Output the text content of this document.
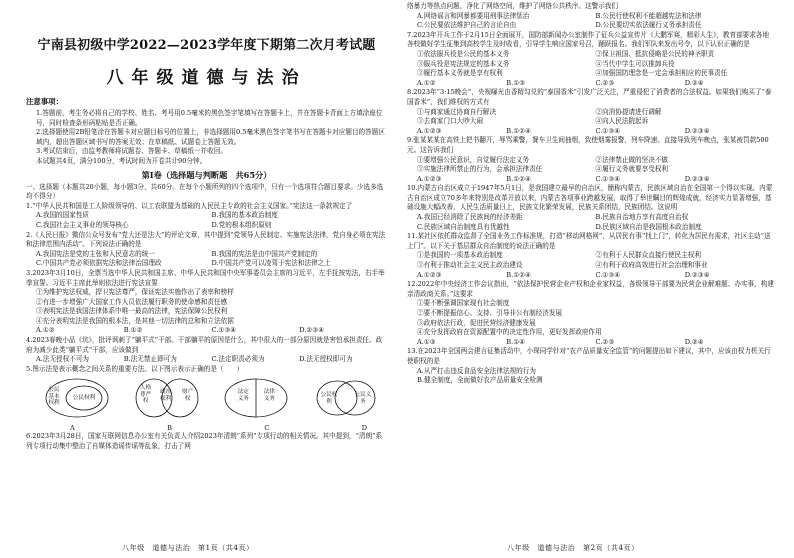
宁南县初级中学2022—2023学年度下期第二次月考试题
八年级道德与法治
注意事项：

1.答题前，考生务必将自己的学校、姓名、考号用0.5毫米的黑色签字笔填写在答题卡上，并在答题卡背面上方填涂座位号，同时检查条形码粘贴是否正确。

2.选择题使用2B铅笔涂在答题卡对应题目标号的位置上，非选择题用0.5毫米黑色签字笔书写在答题卡对应题目的答题区域内，超出答题区域书写的答案无效；在草稿纸、试题卷上答题无效。

3.考试结束后，由监考教师将试题卷、答题卡、草稿纸一并收回。

本试题共4页，满分100分，考试时间为开卷共计90分钟。

第Ⅰ卷（选择题与判断题　共65分）

一、选择题（本题共20小题，每小题3分，共60分。在每个小题所列的四个选项中，只有一个选项符合题目要求。少选多选均不得分）

1.“中华人民共和国是工人阶级领导的、以工农联盟为基础的人民民主专政的社会主义国家。”宪法这一条款规定了

A.我国的国家性质	B.我国的基本政治制度
C.我国社会主义事业的领导核心	D.党的根本组织原则

2.《人民日报》微信公众号发布“党大还是法大”的评论文章，其中提到“党领导人民制定、实施宪法法律，党自身必须在宪法和法律范围内活动”。下列说法正确的是

A.我国宪法是党的主张和人民意志的统一	B.我国的宪法是由中国共产党制定的
C.中国共产党必须依据宪法和法律治国理政	D.中国共产党可以凌驾于宪法和法律之上

3.2023年3月10日，全票当选中华人民共和国主席、中华人民共和国中央军事委员会主席的习近平，左手抚按宪法，右手举拳宣誓。习近平主席此举则依法进行宪法宣誓

①为维护宪法权威，捍卫宪法尊严，保证宪法实施作出了表率和榜样
②有进一步增强广大国家工作人员依法履行职务的使命感和责任感
③表明宪法是我国法律体系中唯一最高的法律，宪法保障公民权利
④充分表明宪法是我国的根本法，是其他一切法律的总和和立法依据
A.①②	B.①②	C.①③④	D.②③④

4.2023春晚小品《坑》，批评讽刺了“躺平式”干部。干部躺平的原因是什么，其中很大的一部分原因就是害怕承担责任。政府为减少此类“躺平式”干部，应该做到

A.法无授权不可为	B.法无禁止即可为	C.法定职责必须为	D.法无授权即可为

5.图示法是表示概念之间关系的重要方法。以下图示表示正确的是（　　）

公民基本权利
公民权利
人格尊严权
政治权利
财产权
法定义务
法律义务
公民权利
公民义务
A	B	C	D

6.2023年3月28日，国家互联网信息办公室有关负责人介绍2023年清朗“系列”专项行动的相关情况。其中提到，“清朗”系列专项行动集中整治了自媒体造谣传谣等乱象，打击了网

八年级　道德与法治　第1页（共4页）

络暴力等热点问题，净化了网络空间，维护了网络公共秩序。这警示我们

A.网络谣言和网暴都要用刑事法律惩治	B.公民行使权利不能超越宪法和法律
C.公民要依法维护自己的言论自由	D.公民要切实依法履行义务承担责任

7.2023年开兵工作于2月15日全面展开，国防部新闻办公室制作了征兵公益宣传片《大鹏军赛，精彩人生》，教育部要求各地各校做好学生征集到高校学生及时收看，引导学生响应国家号召，踊跃报名。我们军队来发出号令，以下认识正确的是

①依法服兵役是公民的基本义务	②保卫祖国、抵抗侵略是公民的神圣职责
③服兵役是宪法规定的基本义务	④当代中学生可以推卸兵役
③履行基本义务就是享有权利	④加强国防理念是一定会承担相应的民事责任
A.①②	B.①③	C.②③	D.②④

8.2023年“3·15晚会”，央视曝光由香精勾兑的“泰国香米”引发广泛关注，严重侵犯了消费者的合法权益。如果我们购买了“泰国香米”，我们维权的方式有

①与商家通过协商自行解决	②向消协提请进行调解
③去商家门口大吵大闹	④向人民法院起诉
A.①②③	B.①②④	C.①③④	D.②③④

9.张某某某在高铁上把书翻开，辱骂乘警，餐车卫生间抽烟，致使烟雾报警，列车降速。直接导致列车晚点，张某被罚款500元。这告诉我们

①要增强公民意识，自觉履行法定义务	②法律禁止做的坚决不做
③实施法律所禁止的行为，会承担法律责任	④履行义务就要享受权利
A.①②③	B.①②④	C.①③④	D.②③④

10.内蒙古自治区成立于1947年5月1日，是我国建立最早的自治区，簡称内蒙古，民族区域自治在全国第一个得以实现。内蒙古自治区成立70多年来特别是改革开放以来，内蒙古各项事业跨越发展，取得了举世瞩目的辉煌成就，经济实力显著增强，基础设施大幅改善，人民生活质量日上，民族文化繁荣发展，民族关系团结，民族团结。这说明

A.我国已经消除了民族间的经济差距	B.民族自治地方享有高度自治权
C.民族区域自治制度具有优越性	D.民族区域自治是我国根本政治制度

11.某社区依托群众监督了全国业务工作标准规，打造“移动网格网”，从居民有事“找上门”，转化为居民有需求，社区主动“送上门”。以下关于基层群众自治制度的说法正确的是

①是我国的一项基本政治制度	②有利于人民群众直接行使民主权利
③有利于推动社会主义民主政治建设	④有利于政府高效进行社会治理和事业
A.①②③	B.①②④	C.①③④	D.②③④

12.2022年中央经济工作会议指出，“依法保护民营企业产权和企业家权益，各级领导干部要为民营企业解难题、办实事，构建亲清政商关系。”这要求

①要不断强调国家现有社会制度
②要不断提振信心、支持、引导非公有制经济发展
③政府依法行政，促进民营经济健康发展
④充分发挥政府在资源配置中的决定性作用，更好发挥政府作用
A.①③	B.①④	C.②③	D.②④

13.在2023年全国两会建言征集活动中，小琛同学针对“农产品质量安全监管”的问题提出如下建议，其中，应该由权力机关行使职权的是

A.从严打击违反食品安全法律法规的行为
B.健全制度，全面做好农产品质量安全检测
八年级　道德与法治　第2页（共4页）
